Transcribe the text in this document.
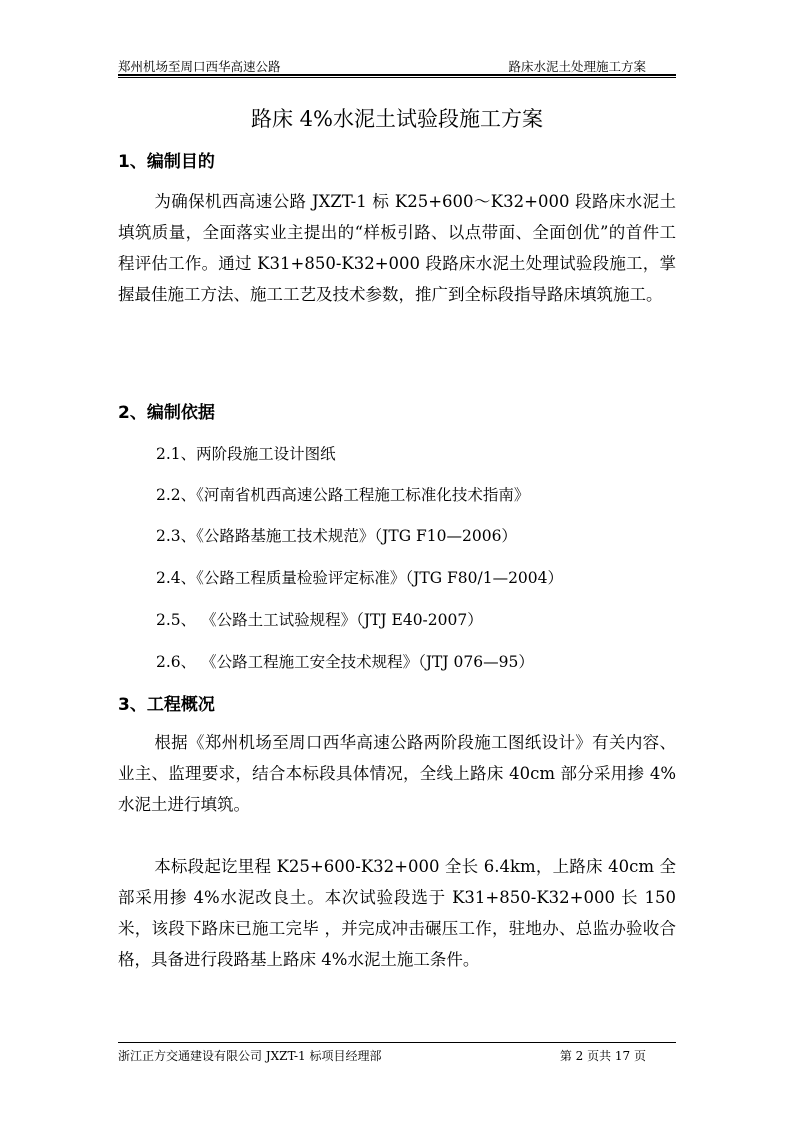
郑州机场至周口西华高速公路	路床水泥土处理施工方案
路床 4%水泥土试验段施工方案
1、编制目的
为确保机西高速公路 JXZT-1 标 K25+600～K32+000 段路床水泥土填筑质量，全面落实业主提出的“样板引路、以点带面、全面创优”的首件工程评估工作。通过 K31+850-K32+000 段路床水泥土处理试验段施工，掌握最佳施工方法、施工工艺及技术参数，推广到全标段指导路床填筑施工。
2、编制依据
2.1、两阶段施工设计图纸
2.2、《河南省机西高速公路工程施工标准化技术指南》
2.3、《公路路基施工技术规范》（JTG F10—2006）
2.4、《公路工程质量检验评定标准》（JTG F80/1—2004）
2.5、 《公路土工试验规程》（JTJ E40-2007）
2.6、 《公路工程施工安全技术规程》（JTJ 076—95）
3、工程概况
根据《郑州机场至周口西华高速公路两阶段施工图纸设计》有关内容、业主、监理要求，结合本标段具体情况，全线上路床 40cm 部分采用掺 4%水泥土进行填筑。
本标段起讫里程 K25+600-K32+000 全长 6.4km，上路床 40cm 全部采用掺 4%水泥改良土。本次试验段选于 K31+850-K32+000 长 150 米，该段下路床已施工完毕 ，并完成冲击碾压工作，驻地办、总监办验收合格，具备进行段路基上路床 4%水泥土施工条件。
浙江正方交通建设有限公司 JXZT-1 标项目经理部	第 2 页共 17 页
